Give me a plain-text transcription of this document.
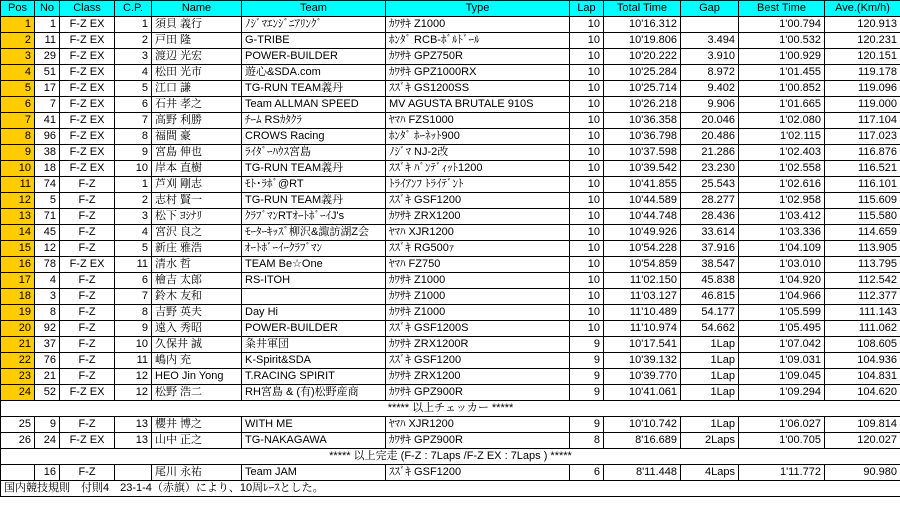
Pos	No	Class	C.P.	Name	Team	Type	Lap	Total Time	Gap	Best Time	Ave.(Km/h)
1	1	F-Z EX	1	須貝 義行	ﾉｼﾞﾏｴﾝｼﾞﾆｱﾘﾝｸﾞ	ｶﾜｻｷ Z1000	10	10'16.312		1'00.794	120.913
2	11	F-Z EX	2	戸田 隆	G-TRIBE	ﾎﾝﾀﾞ RCB-ﾎﾞﾙﾄﾞｰﾙ	10	10'19.806	3.494	1'00.532	120.231
3	29	F-Z EX	3	渡辺 光宏	POWER-BUILDER	ｶﾜｻｷ GPZ750R	10	10'20.222	3.910	1'00.929	120.151
4	51	F-Z EX	4	松田 光市	遊心&SDA.com	ｶﾜｻｷ GPZ1000RX	10	10'25.284	8.972	1'01.455	119.178
5	17	F-Z EX	5	江口 謙	TG-RUN TEAM義丹	ｽｽﾞｷ GS1200SS	10	10'25.714	9.402	1'00.852	119.096
6	7	F-Z EX	6	石井 孝之	Team ALLMAN SPEED	MV AGUSTA BRUTALE 910S	10	10'26.218	9.906	1'01.665	119.000
7	41	F-Z EX	7	高野 利勝	ﾁｰﾑ RSｶﾀｸﾗ	ﾔﾏﾊ FZS1000	10	10'36.358	20.046	1'02.080	117.104
8	96	F-Z EX	8	福間 豪	CROWS Racing	ﾎﾝﾀﾞ ﾎｰﾈｯﾄ900	10	10'36.798	20.486	1'02.115	117.023
9	38	F-Z EX	9	宮島 伸也	ﾗｲﾀﾞｰﾊｳｽ宮島	ﾉｼﾞﾏ NJ-2改	10	10'37.598	21.286	1'02.403	116.876
10	18	F-Z EX	10	岸本 直樹	TG-RUN TEAM義丹	ｽｽﾞｷ ﾊﾞﾝﾃﾞｨｯﾄ1200	10	10'39.542	23.230	1'02.558	116.521
11	74	F-Z	1	芦刈 剛志	ﾓﾄ･ﾗﾎﾞ@RT	ﾄﾗｲｱﾝﾌ ﾄﾗｲﾃﾞﾝﾄ	10	10'41.855	25.543	1'02.616	116.101
12	5	F-Z	2	志村 賢一	TG-RUN TEAM義丹	ｽｽﾞｷ GSF1200	10	10'44.589	28.277	1'02.958	115.609
13	71	F-Z	3	松下 ﾖｼﾅﾘ	ｸﾗﾌﾞﾏﾝRTｵｰﾄﾎﾞｰｲJ's	ｶﾜｻｷ ZRX1200	10	10'44.748	28.436	1'03.412	115.580
14	45	F-Z	4	宮沢 良之	ﾓｰﾀｰｷｯｽﾞ柳沢&諏訪湖Z会	ﾔﾏﾊ XJR1200	10	10'49.926	33.614	1'03.336	114.659
15	12	F-Z	5	新庄 雅浩	ｵｰﾄﾎﾞｰｲｰｸﾗﾌﾞﾏﾝ	ｽｽﾞｷ RG500ｧ	10	10'54.228	37.916	1'04.109	113.905
16	78	F-Z EX	11	清水 哲	TEAM Be☆One	ﾔﾏﾊ FZ750	10	10'54.859	38.547	1'03.010	113.795
17	4	F-Z	6	檜吉 太郎	RS-ITOH	ｶﾜｻｷ Z1000	10	11'02.150	45.838	1'04.920	112.542
18	3	F-Z	7	鈴木 友和		ｶﾜｻｷ Z1000	10	11'03.127	46.815	1'04.966	112.377
19	8	F-Z	8	吉野 英夫	Day Hi	ｶﾜｻｷ Z1000	10	11'10.489	54.177	1'05.599	111.143
20	92	F-Z	9	遠入 秀昭	POWER-BUILDER	ｽｽﾞｷ GSF1200S	10	11'10.974	54.662	1'05.495	111.062
21	37	F-Z	10	久保井 誠	粂井軍団	ｶﾜｻｷ ZRX1200R	9	10'17.541	1Lap	1'07.042	108.605
22	76	F-Z	11	嶋内 充	K-Spirit&SDA	ｽｽﾞｷ GSF1200	9	10'39.132	1Lap	1'09.031	104.936
23	21	F-Z	12	HEO Jin Yong	T.RACING SPIRIT	ｶﾜｻｷ ZRX1200	9	10'39.770	1Lap	1'09.045	104.831
24	52	F-Z EX	12	松野 浩二	RH宮島 & (有)松野産商	ｶﾜｻｷ GPZ900R	9	10'41.061	1Lap	1'09.294	104.620
***** 以上チェッカー *****											
25	9	F-Z	13	櫻井 博之	WITH ME	ﾔﾏﾊ XJR1200	9	10'10.742	1Lap	1'06.027	109.814
26	24	F-Z EX	13	山中 正之	TG-NAKAGAWA	ｶﾜｻｷ GPZ900R	8	8'16.689	2Laps	1'00.705	120.027
***** 以上完走 (F-Z : 7Laps /F-Z EX : 7Laps ) *****											
	16	F-Z		尾川 永祐	Team JAM	ｽｽﾞｷ GSF1200	6	8'11.448	4Laps	1'11.772	90.980
国内競技規則　付則4　23-1-4（赤旗）により、10周ﾚｰｽとした。											
